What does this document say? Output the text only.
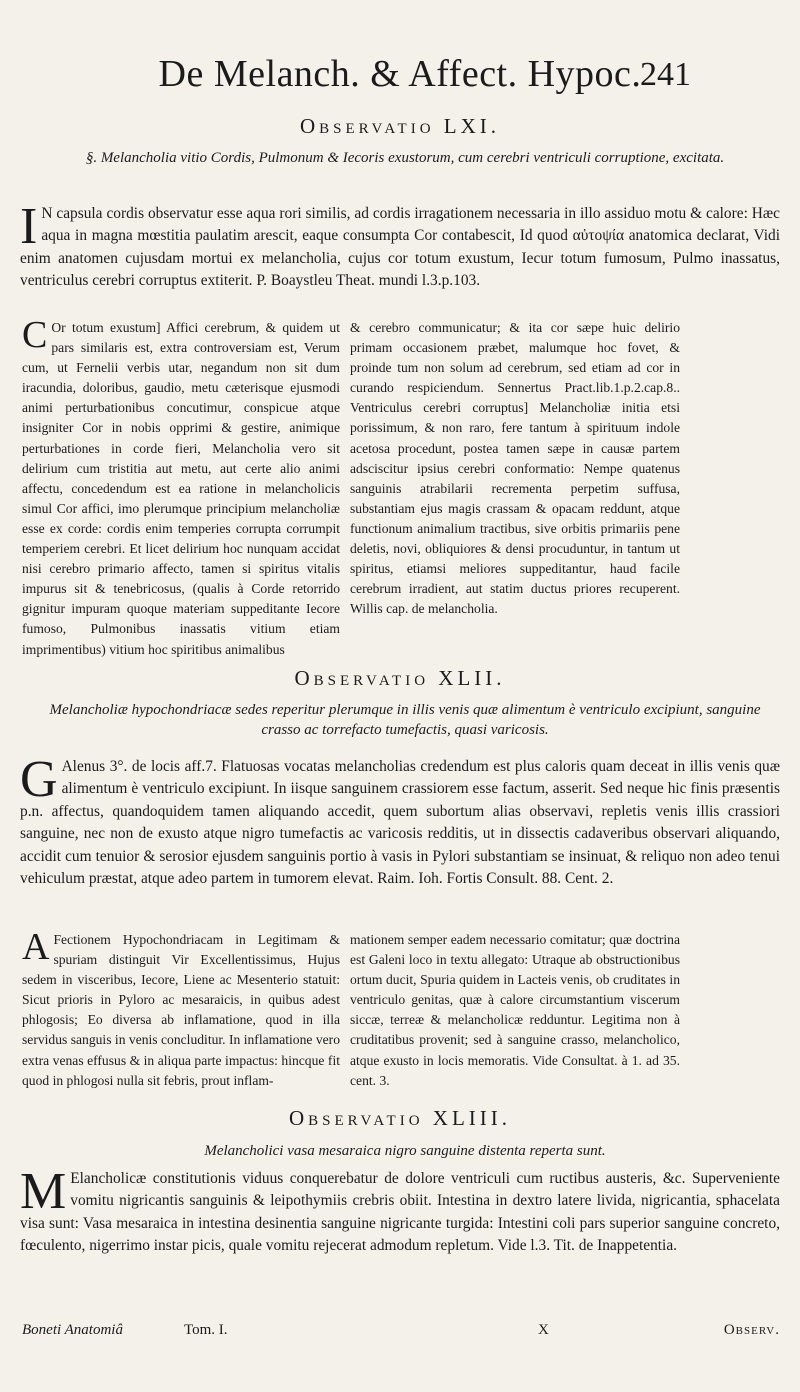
De Melanch. & Affect. Hypoc.
241
Observatio LXI.
§. Melancholia vitio Cordis, Pulmonum & Iecoris exustorum, cum cerebri ventriculi corruptione, excitata.

I N capsula cordis observatur esse aqua rori similis, ad cordis irragationem necessaria in illo assiduo motu & calore: Hæc aqua in magna mœstitia paulatim arescit, eaque consumpta Cor contabescit, Id quod αὐτοψία anatomica declarat, Vidi enim anatomen cujusdam mortui ex melancholia, cujus cor totum exustum, Iecur totum fumosum, Pulmo inassatus, ventriculus cerebri corruptus extiterit. P. Boaystleu Theat. mundi l.3.p.103.

C Or totum exustum] Affici cerebrum, & quidem ut pars similaris est, extra controversiam est, Verum cum, ut Fernelii verbis utar, negandum non sit dum iracundia, doloribus, gaudio, metu cæterisque ejusmodi animi perturbationibus concutimur, conspicue atque insigniter Cor in nobis opprimi & gestire, animique perturbationes in corde fieri, Melancholia vero sit delirium cum tristitia aut metu, aut certe alio animi affectu, concedendum est ea ratione in melancholicis simul Cor affici, imo plerumque principium melancholiæ esse ex corde: cordis enim temperies corrupta corrumpit temperiem cerebri. Et licet delirium hoc nunquam accidat nisi cerebro primario affecto, tamen si spiritus vitalis impurus sit & tenebricosus, (qualis à Corde retorrido gignitur impuram quoque materiam suppeditante Iecore fumoso, Pulmonibus inassatis vitium etiam imprimentibus) vitium hoc spiritibus animalibus

& cerebro communicatur; & ita cor sæpe huic delirio primam occasionem præbet, malumque hoc fovet, & proinde tum non solum ad cerebrum, sed etiam ad cor in curando respiciendum. Sennertus Pract.lib.1.p.2.cap.8.. Ventriculus cerebri corruptus] Melancholiæ initia etsi porissimum, & non raro, fere tantum à spirituum indole acetosa procedunt, postea tamen sæpe in causæ partem adsciscitur ipsius cerebri conformatio: Nempe quatenus sanguinis atrabilarii recrementa perpetim suffusa, substantiam ejus magis crassam & opacam reddunt, atque functionum animalium tractibus, sive orbitis primariis pene deletis, novi, obliquiores & densi procuduntur, in tantum ut spiritus, etiamsi meliores suppeditantur, haud facile cerebrum irradient, aut statim ductus priores recuperent. Willis cap. de melancholia.

Observatio XLII.
Melancholiæ hypochondriacæ sedes reperitur plerumque in illis venis quæ alimentum è ventriculo excipiunt, sanguine crasso ac torrefacto tumefactis, quasi varicosis.

G Alenus 3°. de locis aff.7. Flatuosas vocatas melancholias credendum est plus caloris quam deceat in illis venis quæ alimentum è ventriculo excipiunt. In iisque sanguinem crassiorem esse factum, asserit. Sed neque hic finis præsentis p.n. affectus, quandoquidem tamen aliquando accedit, quem subortum alias observavi, repletis venis illis crassiori sanguine, nec non de exusto atque nigro tumefactis ac varicosis redditis, ut in dissectis cadaveribus observari aliquando, accidit cum tenuior & serosior ejusdem sanguinis portio à vasis in Pylori substantiam se insinuat, & reliquo non adeo tenui vehiculum præstat, atque adeo partem in tumorem elevat. Raim. Ioh. Fortis Consult. 88. Cent. 2.

A Fectionem Hypochondriacam in Legitimam & spuriam distinguit Vir Excellentissimus, Hujus sedem in visceribus, Iecore, Liene ac Mesenterio statuit: Sicut prioris in Pyloro ac mesaraicis, in quibus adest phlogosis; Eo diversa ab inflamatione, quod in illa servidus sanguis in venis concluditur. In inflamatione vero extra venas effusus & in aliqua parte impactus: hincque fit quod in phlogosi nulla sit febris, prout inflam-

mationem semper eadem necessario comitatur; quæ doctrina est Galeni loco in textu allegato: Utraque ab obstructionibus ortum ducit, Spuria quidem in Lacteis venis, ob cruditates in ventriculo genitas, quæ à calore circumstantium viscerum siccæ, terreæ & melancholicæ redduntur. Legitima non à cruditatibus provenit; sed à sanguine crasso, melancholico, atque exusto in locis memoratis. Vide Consultat. à 1. ad 35. cent. 3.

Observatio XLIII.
Melancholici vasa mesaraica nigro sanguine distenta reperta sunt.

M Elancholicæ constitutionis viduus conquerebatur de dolore ventriculi cum ructibus austeris, &c. Superveniente vomitu nigricantis sanguinis & leipothymiis crebris obiit. Intestina in dextro latere livida, nigricantia, sphacelata visa sunt: Vasa mesaraica in intestina desinentia sanguine nigricante turgida: Intestini coli pars superior sanguine concreto, fœculento, nigerrimo instar picis, quale vomitu rejecerat admodum repletum. Vide l.3. Tit. de Inappetentia.

Boneti Anatomiâ	Tom. I.	X	Observ.
